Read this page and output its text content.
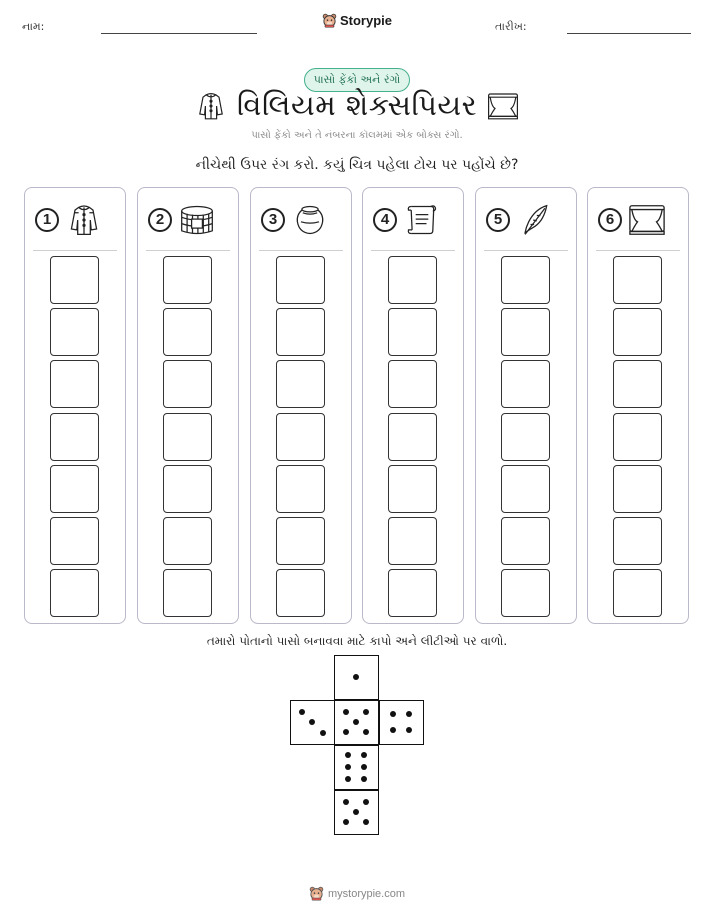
નામ:	તારીખ:
Storypie
પાસો ફેંકો અને રંગો
વિલિયમ શેક્સપિયર
પાસો ફેંકો અને તે નંબરના કૉલમમાં એક બોક્સ રંગો.
નીચેથી ઉપર રંગ કરો. કયું ચિત્ર પહેલા ટોચ પર પહોંચે છે?
1	2	3	4	5	6
તમારો પોતાનો પાસો બનાવવા માટે કાપો અને લીટીઓ પર વાળો.
mystorypie.com
